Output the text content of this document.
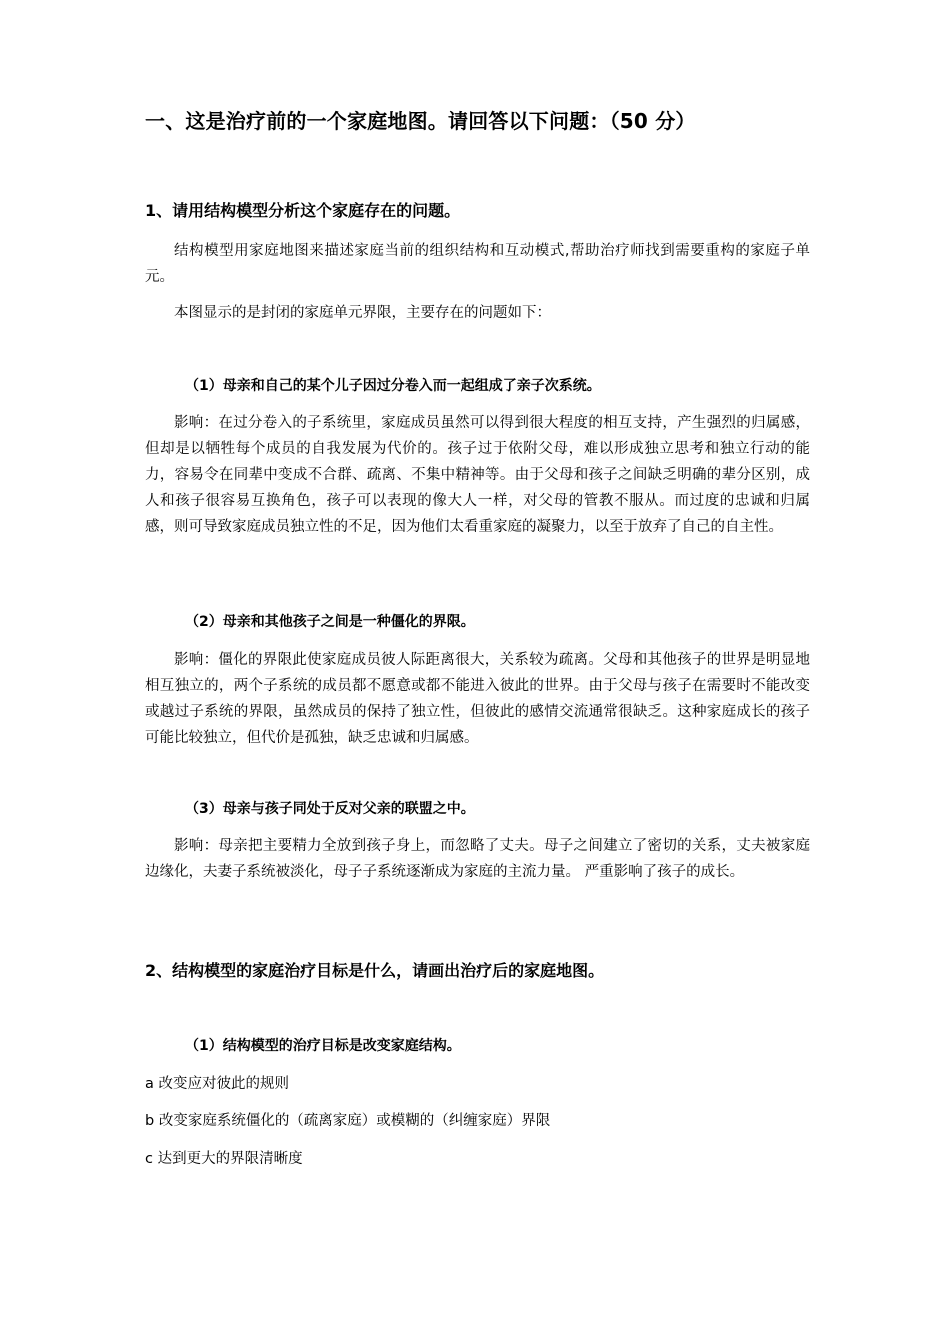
一、这是治疗前的一个家庭地图。请回答以下问题：（50 分）
1、请用结构模型分析这个家庭存在的问题。

结构模型用家庭地图来描述家庭当前的组织结构和互动模式,帮助治疗师找到需要重构的家庭子单元。

本图显示的是封闭的家庭单元界限，主要存在的问题如下：

（1）母亲和自己的某个儿子因过分卷入而一起组成了亲子次系统。

影响：在过分卷入的子系统里，家庭成员虽然可以得到很大程度的相互支持，产生强烈的归属感，但却是以牺牲每个成员的自我发展为代价的。孩子过于依附父母，难以形成独立思考和独立行动的能力，容易令在同辈中变成不合群、疏离、不集中精神等。由于父母和孩子之间缺乏明确的辈分区别，成人和孩子很容易互换角色，孩子可以表现的像大人一样，对父母的管教不服从。而过度的忠诚和归属感，则可导致家庭成员独立性的不足，因为他们太看重家庭的凝聚力，以至于放弃了自己的自主性。

（2）母亲和其他孩子之间是一种僵化的界限。

影响：僵化的界限此使家庭成员彼人际距离很大，关系较为疏离。父母和其他孩子的世界是明显地相互独立的，两个子系统的成员都不愿意或都不能进入彼此的世界。由于父母与孩子在需要时不能改变或越过子系统的界限，虽然成员的保持了独立性，但彼此的感情交流通常很缺乏。这种家庭成长的孩子可能比较独立，但代价是孤独，缺乏忠诚和归属感。

（3）母亲与孩子同处于反对父亲的联盟之中。

影响：母亲把主要精力全放到孩子身上，而忽略了丈夫。母子之间建立了密切的关系，丈夫被家庭边缘化，夫妻子系统被淡化，母子子系统逐渐成为家庭的主流力量。 严重影响了孩子的成长。

2、结构模型的家庭治疗目标是什么，请画出治疗后的家庭地图。
（1）结构模型的治疗目标是改变家庭结构。
a 改变应对彼此的规则
b 改变家庭系统僵化的（疏离家庭）或模糊的（纠缠家庭）界限
c 达到更大的界限清晰度
